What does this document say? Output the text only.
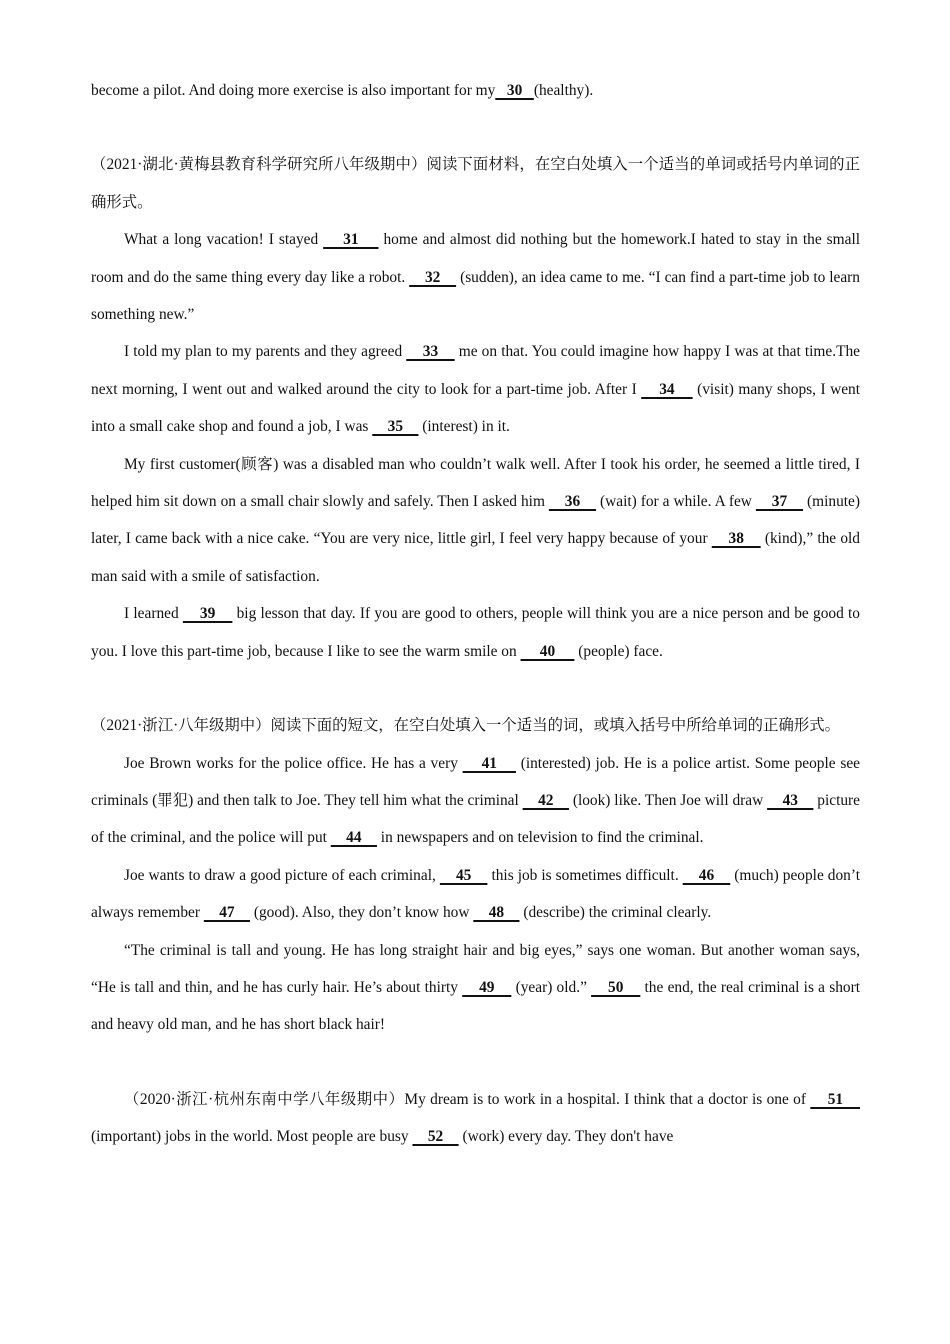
become a pilot. And doing more exercise is also important for my   30   (healthy).

（2021·湖北·黄梅县教育科学研究所八年级期中）阅读下面材料，在空白处填入一个适当的单词或括号内单词的正确形式。

What a long vacation! I stayed     31     home and almost did nothing but the homework.I hated to stay in the small room and do the same thing every day like a robot.     32     (sudden), an idea came to me. “I can find a part-time job to learn something new.”

I told my plan to my parents and they agreed     33     me on that. You could imagine how happy I was at that time.The next morning, I went out and walked around the city to look for a part-time job. After I     34     (visit) many shops, I went into a small cake shop and found a job, I was     35     (interest) in it.

My first customer(顾客) was a disabled man who couldn’t walk well. After I took his order, he seemed a little tired, I helped him sit down on a small chair slowly and safely. Then I asked him     36     (wait) for a while. A few     37     (minute) later, I came back with a nice cake. “You are very nice, little girl, I feel very happy because of your     38     (kind),” the old man said with a smile of satisfaction.

I learned     39     big lesson that day. If you are good to others, people will think you are a nice person and be good to you. I love this part-time job, because I like to see the warm smile on      40      (people) face.

（2021·浙江·八年级期中）阅读下面的短文，在空白处填入一个适当的词，或填入括号中所给单词的正确形式。

Joe Brown works for the police office. He has a very     41     (interested) job. He is a police artist. Some people see criminals (罪犯) and then talk to Joe. They tell him what the criminal     42     (look) like. Then Joe will draw     43     picture of the criminal, and the police will put     44     in newspapers and on television to find the criminal.

Joe wants to draw a good picture of each criminal,     45     this job is sometimes difficult.     46     (much) people don’t always remember     47     (good). Also, they don’t know how     48     (describe) the criminal clearly.

“The criminal is tall and young. He has long straight hair and big eyes,” says one woman. But another woman says, “He is tall and thin, and he has curly hair. He’s about thirty     49     (year) old.”     50     the end, the real criminal is a short and heavy old man, and he has short black hair!

（2020·浙江·杭州东南中学八年级期中）My dream is to work in a hospital. I think that a doctor is one of     51     (important) jobs in the world. Most people are busy     52     (work) every day. They don't have
